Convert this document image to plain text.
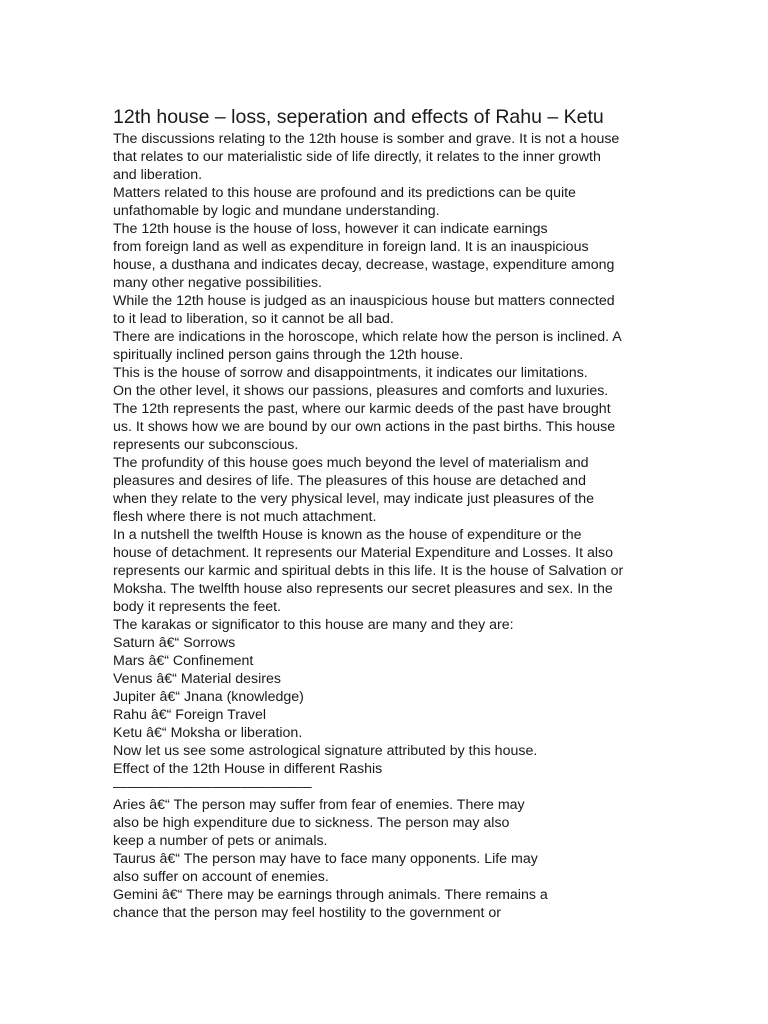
12th house – loss, seperation and effects of Rahu – Ketu

The discussions relating to the 12th house is somber and grave. It is not a house

that relates to our materialistic side of life directly, it relates to the inner growth

and liberation.

Matters related to this house are profound and its predictions can be quite

unfathomable by logic and mundane understanding.

The 12th house is the house of loss, however it can indicate earnings

from foreign land as well as expenditure in foreign land. It is an inauspicious

house, a dusthana and indicates decay, decrease, wastage, expenditure among

many other negative possibilities.

While the 12th house is judged as an inauspicious house but matters connected

to it lead to liberation, so it cannot be all bad.

There are indications in the horoscope, which relate how the person is inclined. A

spiritually inclined person gains through the 12th house.

This is the house of sorrow and disappointments, it indicates our limitations.

On the other level, it shows our passions, pleasures and comforts and luxuries.

The 12th represents the past, where our karmic deeds of the past have brought

us. It shows how we are bound by our own actions in the past births. This house

represents our subconscious.

The profundity of this house goes much beyond the level of materialism and

pleasures and desires of life. The pleasures of this house are detached and

when they relate to the very physical level, may indicate just pleasures of the

flesh where there is not much attachment.

In a nutshell the twelfth House is known as the house of expenditure or the

house of detachment. It represents our Material Expenditure and Losses. It also

represents our karmic and spiritual debts in this life. It is the house of Salvation or

Moksha. The twelfth house also represents our secret pleasures and sex. In the

body it represents the feet.

The karakas or significator to this house are many and they are:

Saturn â€“ Sorrows

Mars â€“ Confinement

Venus â€“ Material desires

Jupiter â€“ Jnana (knowledge)

Rahu â€“ Foreign Travel

Ketu â€“ Moksha or liberation.

Now let us see some astrological signature attributed by this house.

Effect of the 12th House in different Rashis

——————————————

Aries â€“ The person may suffer from fear of enemies. There may

also be high expenditure due to sickness. The person may also

keep a number of pets or animals.

Taurus â€“ The person may have to face many opponents. Life may

also suffer on account of enemies.

Gemini â€“ There may be earnings through animals. There remains a

chance that the person may feel hostility to the government or
